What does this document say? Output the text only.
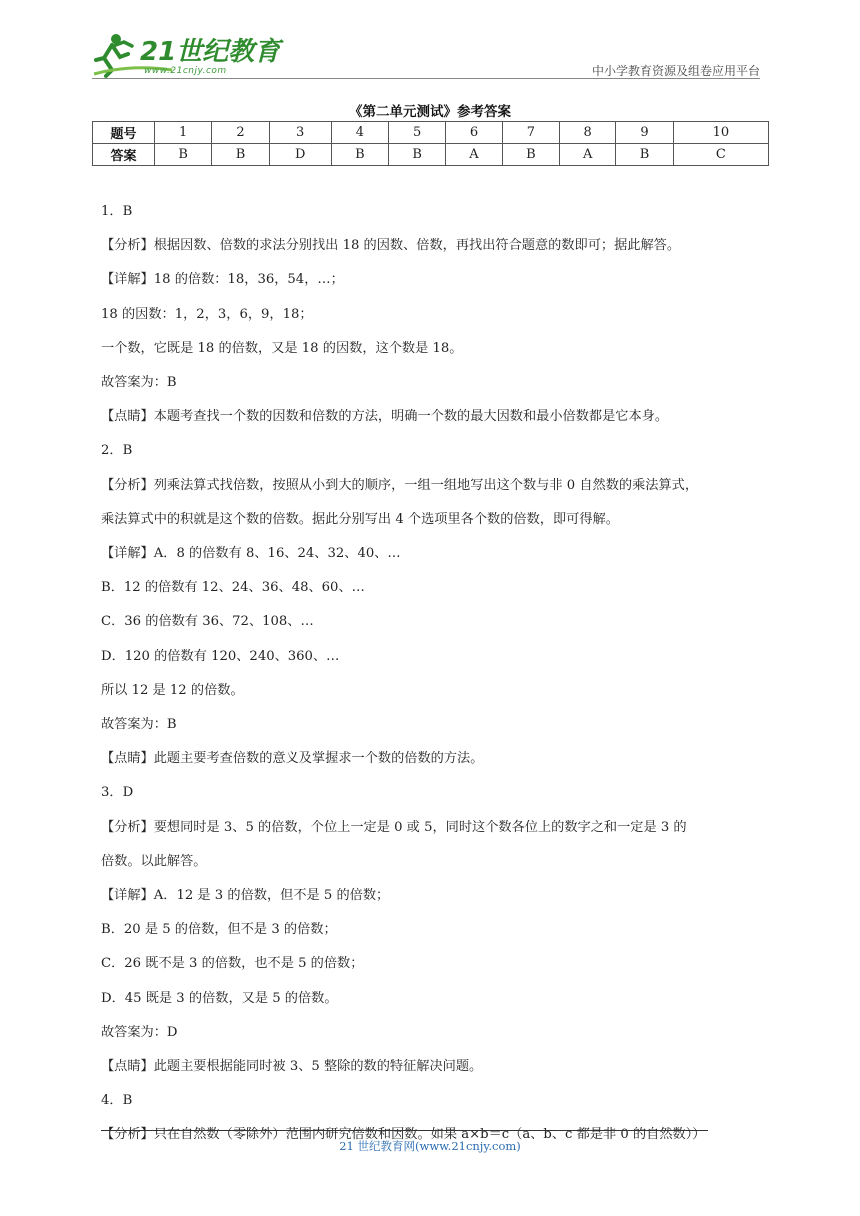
21世纪教育
www.21cnjy.com	中小学教育资源及组卷应用平台
《第二单元测试》参考答案
题号	1	2	3	4	5	6	7	8	9	10
答案	B	B	D	B	B	A	B	A	B	C

1．B

【分析】根据因数、倍数的求法分别找出 18 的因数、倍数，再找出符合题意的数即可；据此解答。

【详解】18 的倍数：18，36，54，…；

18 的因数：1，2，3，6，9，18；

一个数，它既是 18 的倍数，又是 18 的因数，这个数是 18。

故答案为：B

【点睛】本题考查找一个数的因数和倍数的方法，明确一个数的最大因数和最小倍数都是它本身。

2．B

【分析】列乘法算式找倍数，按照从小到大的顺序，一组一组地写出这个数与非 0 自然数的乘法算式，

乘法算式中的积就是这个数的倍数。据此分别写出 4 个选项里各个数的倍数，即可得解。

【详解】A．8 的倍数有 8、16、24、32、40、…

B．12 的倍数有 12、24、36、48、60、…

C．36 的倍数有 36、72、108、…

D．120 的倍数有 120、240、360、…

所以 12 是 12 的倍数。

故答案为：B

【点睛】此题主要考查倍数的意义及掌握求一个数的倍数的方法。

3．D

【分析】要想同时是 3、5 的倍数，个位上一定是 0 或 5，同时这个数各位上的数字之和一定是 3 的

倍数。以此解答。

【详解】A．12 是 3 的倍数，但不是 5 的倍数；

B．20 是 5 的倍数，但不是 3 的倍数；

C．26 既不是 3 的倍数，也不是 5 的倍数；

D．45 既是 3 的倍数，又是 5 的倍数。

故答案为：D

【点睛】此题主要根据能同时被 3、5 整除的数的特征解决问题。

4．B

【分析】只在自然数（零除外）范围内研究倍数和因数。如果 a×b＝c（a、b、c 都是非 0 的自然数））

21 世纪教育网(www.21cnjy.com)
